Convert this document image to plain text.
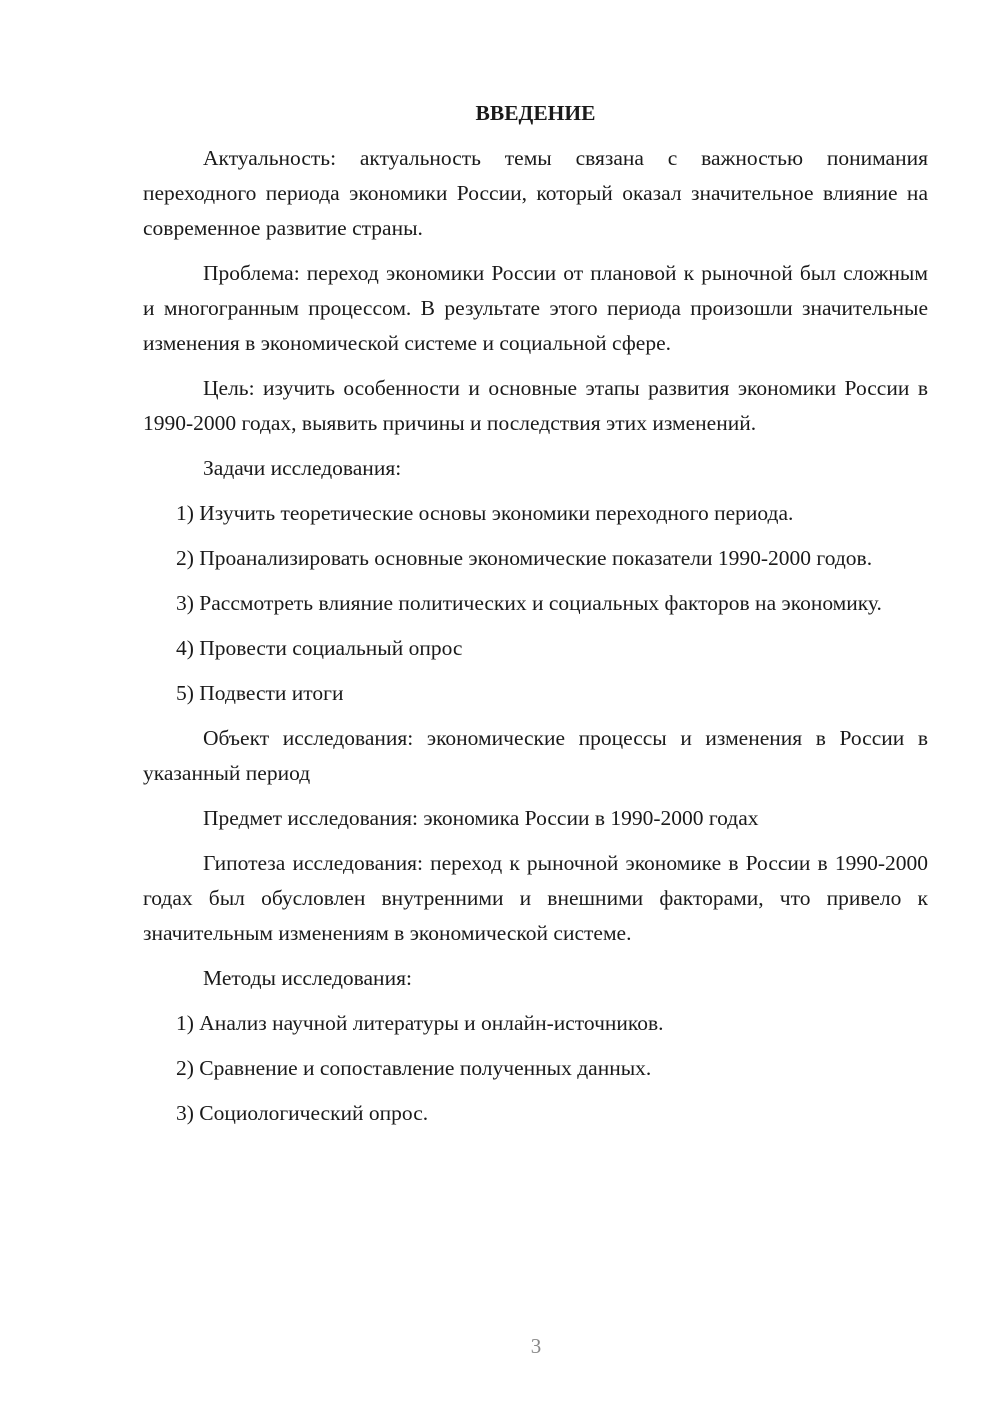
ВВЕДЕНИЕ

Актуальность: актуальность темы связана с важностью понимания переходного периода экономики России, который оказал значительное влияние на современное развитие страны.

Проблема: переход экономики России от плановой к рыночной был сложным и многогранным процессом. В результате этого периода произошли значительные изменения в экономической системе и социальной сфере.

Цель: изучить особенности и основные этапы развития экономики России в 1990-2000 годах, выявить причины и последствия этих изменений.

Задачи исследования:

1) Изучить теоретические основы экономики переходного периода.

2) Проанализировать основные экономические показатели 1990-2000 годов.

3) Рассмотреть влияние политических и социальных факторов на экономику.

4) Провести социальный опрос

5) Подвести итоги

Объект исследования: экономические процессы и изменения в России в указанный период

Предмет исследования: экономика России в 1990-2000 годах

Гипотеза исследования: переход к рыночной экономике в России в 1990-2000 годах был обусловлен внутренними и внешними факторами, что привело к значительным изменениям в экономической системе.

Методы исследования:

1) Анализ научной литературы и онлайн-источников.

2) Сравнение и сопоставление полученных данных.

3) Социологический опрос.

3
